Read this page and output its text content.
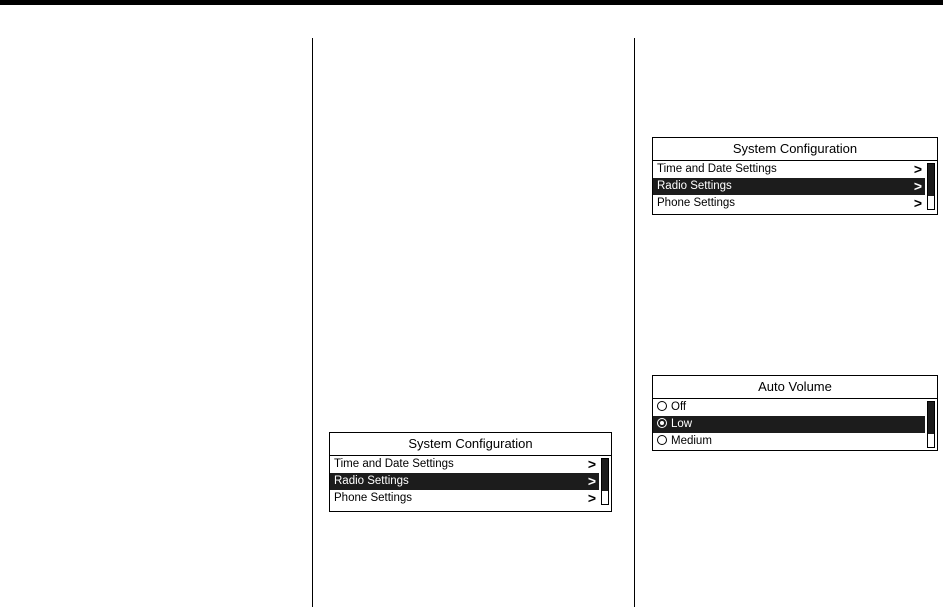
System Configuration
Time and Date Settings	>
Radio Settings	>
Phone Settings	>
System Configuration
Time and Date Settings	>
Radio Settings	>
Phone Settings	>
Auto Volume
Off
Low
Medium
